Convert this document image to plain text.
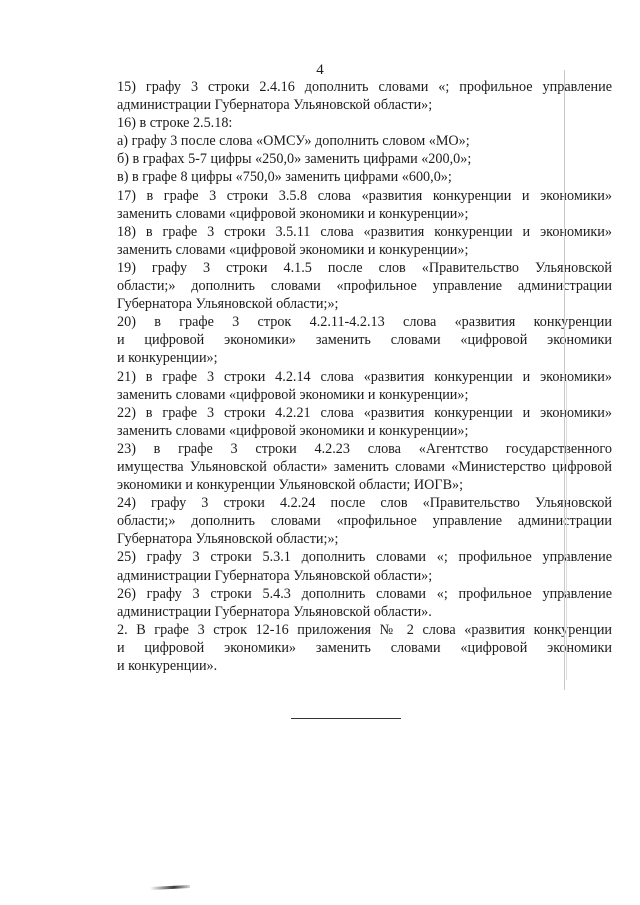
4

15) графу 3 строки 2.4.16 дополнить словами «; профильное управление
администрации Губернатора Ульяновской области»;

16) в строке 2.5.18:

а) графу 3 после слова «ОМСУ» дополнить словом «МО»;

б) в графах 5-7 цифры «250,0» заменить цифрами «200,0»;

в) в графе 8 цифры «750,0» заменить цифрами «600,0»;

17) в графе 3 строки 3.5.8 слова «развития конкуренции и экономики»
заменить словами «цифровой экономики и конкуренции»;

18) в графе 3 строки 3.5.11 слова «развития конкуренции и экономики»
заменить словами «цифровой экономики и конкуренции»;

19) графу 3 строки 4.1.5 после слов «Правительство Ульяновской
области;» дополнить словами «профильное управление администрации
Губернатора Ульяновской области;»;

20) в графе 3 строк 4.2.11-4.2.13 слова «развития конкуренции
и цифровой экономики» заменить словами «цифровой экономики
и конкуренции»;

21) в графе 3 строки 4.2.14 слова «развития конкуренции и экономики»
заменить словами «цифровой экономики и конкуренции»;

22) в графе 3 строки 4.2.21 слова «развития конкуренции и экономики»
заменить словами «цифровой экономики и конкуренции»;

23) в графе 3 строки 4.2.23 слова «Агентство государственного
имущества Ульяновской области» заменить словами «Министерство цифровой
экономики и конкуренции Ульяновской области; ИОГВ»;

24) графу 3 строки 4.2.24 после слов «Правительство Ульяновской
области;» дополнить словами «профильное управление администрации
Губернатора Ульяновской области;»;

25) графу 3 строки 5.3.1 дополнить словами «; профильное управление
администрации Губернатора Ульяновской области»;

26) графу 3 строки 5.4.3 дополнить словами «; профильное управление
администрации Губернатора Ульяновской области».

2. В графе 3 строк 12-16 приложения № 2 слова «развития конкуренции
и цифровой экономики» заменить словами «цифровой экономики
и конкуренции».
